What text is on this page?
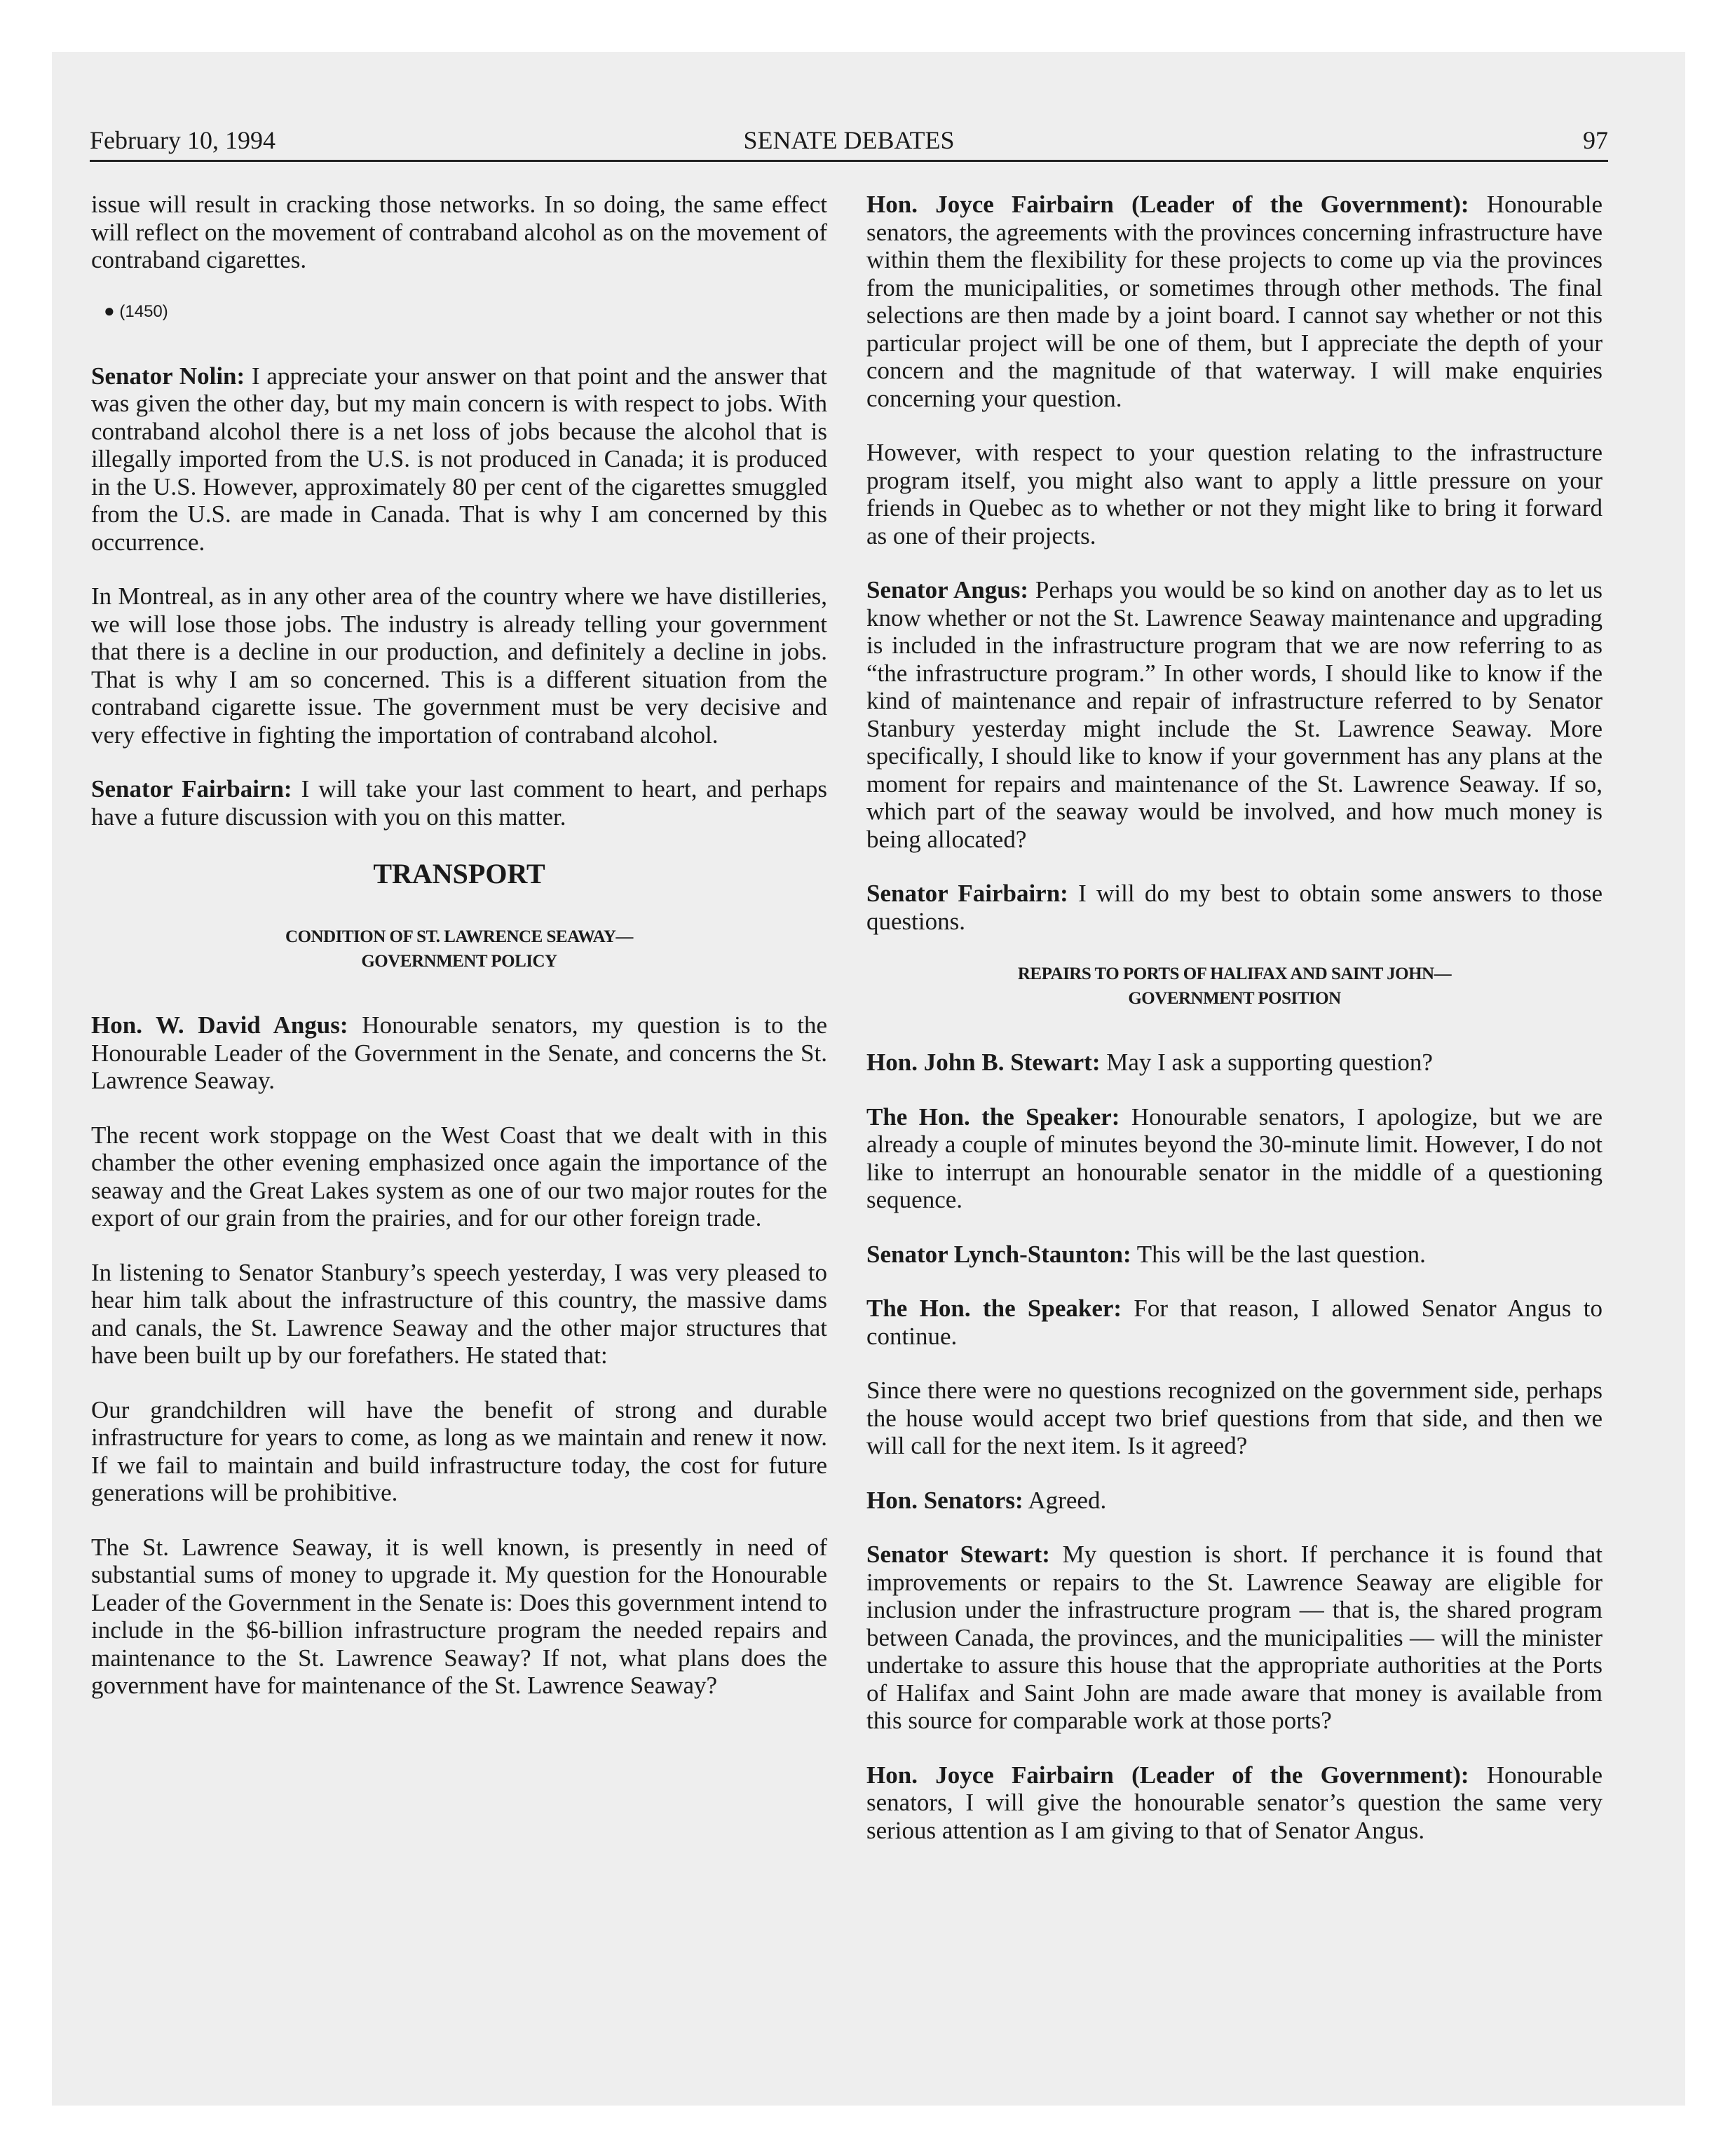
February 10, 1994	SENATE DEBATES	97

issue will result in cracking those networks. In so doing, the same effect will reflect on the movement of contraband alcohol as on the movement of contraband cigarettes.

● (1450)

Senator Nolin: I appreciate your answer on that point and the answer that was given the other day, but my main concern is with respect to jobs. With contraband alcohol there is a net loss of jobs because the alcohol that is illegally imported from the U.S. is not produced in Canada; it is produced in the U.S. However, approximately 80 per cent of the cigarettes smuggled from the U.S. are made in Canada. That is why I am concerned by this occurrence.

In Montreal, as in any other area of the country where we have distilleries, we will lose those jobs. The industry is already telling your government that there is a decline in our production, and definitely a decline in jobs. That is why I am so concerned. This is a different situation from the contraband cigarette issue. The government must be very decisive and very effective in fighting the importation of contraband alcohol.

Senator Fairbairn: I will take your last comment to heart, and perhaps have a future discussion with you on this matter.

TRANSPORT
CONDITION OF ST. LAWRENCE SEAWAY—
GOVERNMENT POLICY

Hon. W. David Angus: Honourable senators, my question is to the Honourable Leader of the Government in the Senate, and concerns the St. Lawrence Seaway.

The recent work stoppage on the West Coast that we dealt with in this chamber the other evening emphasized once again the importance of the seaway and the Great Lakes system as one of our two major routes for the export of our grain from the prairies, and for our other foreign trade.

In listening to Senator Stanbury’s speech yesterday, I was very pleased to hear him talk about the infrastructure of this country, the massive dams and canals, the St. Lawrence Seaway and the other major structures that have been built up by our forefathers. He stated that:

Our grandchildren will have the benefit of strong and durable infrastructure for years to come, as long as we maintain and renew it now. If we fail to maintain and build infrastructure today, the cost for future generations will be prohibitive.

The St. Lawrence Seaway, it is well known, is presently in need of substantial sums of money to upgrade it. My question for the Honourable Leader of the Government in the Senate is: Does this government intend to include in the $6-billion infrastructure program the needed repairs and maintenance to the St. Lawrence Seaway? If not, what plans does the government have for maintenance of the St. Lawrence Seaway?

Hon. Joyce Fairbairn (Leader of the Government): Honourable senators, the agreements with the provinces concerning infrastructure have within them the flexibility for these projects to come up via the provinces from the municipalities, or sometimes through other methods. The final selections are then made by a joint board. I cannot say whether or not this particular project will be one of them, but I appreciate the depth of your concern and the magnitude of that waterway. I will make enquiries concerning your question.

However, with respect to your question relating to the infrastructure program itself, you might also want to apply a little pressure on your friends in Quebec as to whether or not they might like to bring it forward as one of their projects.

Senator Angus: Perhaps you would be so kind on another day as to let us know whether or not the St. Lawrence Seaway maintenance and upgrading is included in the infrastructure program that we are now referring to as “the infrastructure program.” In other words, I should like to know if the kind of maintenance and repair of infrastructure referred to by Senator Stanbury yesterday might include the St. Lawrence Seaway. More specifically, I should like to know if your government has any plans at the moment for repairs and maintenance of the St. Lawrence Seaway. If so, which part of the seaway would be involved, and how much money is being allocated?

Senator Fairbairn: I will do my best to obtain some answers to those questions.

REPAIRS TO PORTS OF HALIFAX AND SAINT JOHN—
GOVERNMENT POSITION

Hon. John B. Stewart: May I ask a supporting question?

The Hon. the Speaker: Honourable senators, I apologize, but we are already a couple of minutes beyond the 30-minute limit. However, I do not like to interrupt an honourable senator in the middle of a questioning sequence.

Senator Lynch-Staunton: This will be the last question.

The Hon. the Speaker: For that reason, I allowed Senator Angus to continue.

Since there were no questions recognized on the government side, perhaps the house would accept two brief questions from that side, and then we will call for the next item. Is it agreed?

Hon. Senators: Agreed.

Senator Stewart: My question is short. If perchance it is found that improvements or repairs to the St. Lawrence Seaway are eligible for inclusion under the infrastructure program — that is, the shared program between Canada, the provinces, and the municipalities — will the minister undertake to assure this house that the appropriate authorities at the Ports of Halifax and Saint John are made aware that money is available from this source for comparable work at those ports?

Hon. Joyce Fairbairn (Leader of the Government): Honourable senators, I will give the honourable senator’s question the same very serious attention as I am giving to that of Senator Angus.
